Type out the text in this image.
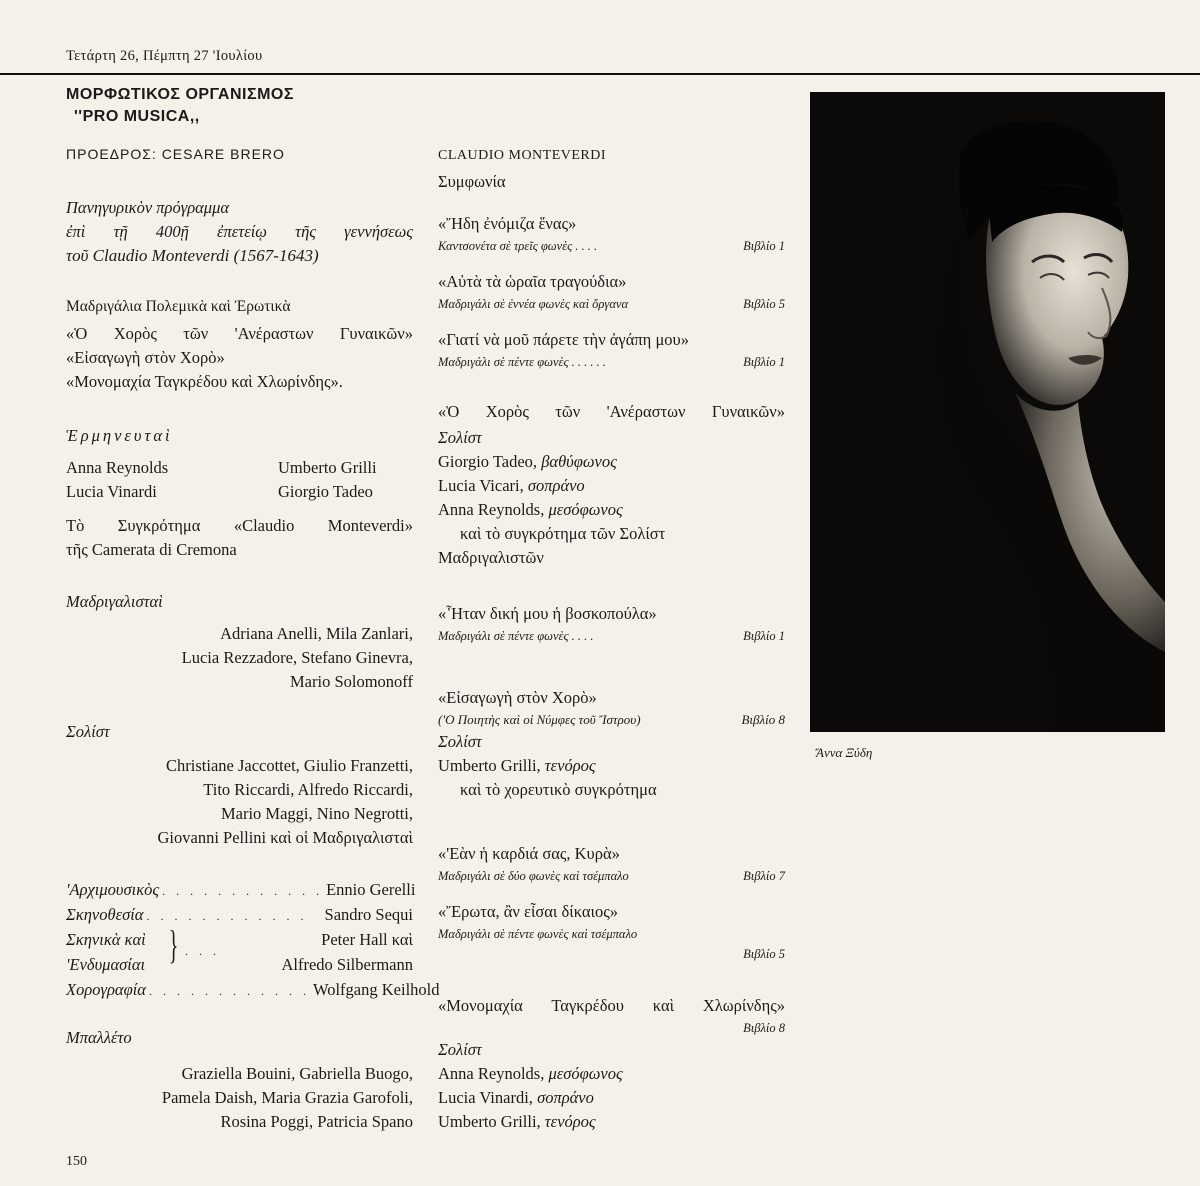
Τετάρτη 26, Πέμπτη 27 'Ιουλίου
ΜΟΡΦΩΤΙΚΟΣ ΟΡΓΑΝΙΣΜΟΣ
''PRO MUSICA,,
ΠΡΟΕΔΡΟΣ: CESARE BRERO
Πανηγυρικὸν πρόγραμμα
ἐπὶ τῇ 400ῇ ἐπετείῳ τῆς γεννήσεως
τοῦ Claudio Monteverdi (1567-1643)
Μαδριγάλια Πολεμικὰ καὶ Ἐρωτικὰ
«Ὁ Χορὸς τῶν 'Ανέραστων Γυναικῶν»
«Εἰσαγωγὴ στὸν Χορὸ»
«Μονομαχία Ταγκρέδου καὶ Χλωρίνδης».
Ἑρμηνευταὶ
Anna Reynolds	Umberto Grilli
Lucia Vinardi	Giorgio Tadeo
Τὸ Συγκρότημα «Claudio Monteverdi»
τῆς Camerata di Cremona
Μαδριγαλισταὶ
Adriana Anelli, Mila Zanlari,
Lucia Rezzadore, Stefano Ginevra,
Mario Solomonoff
Σολίστ
Christiane Jaccottet, Giulio Franzetti,
Tito Riccardi, Alfredo Riccardi,
Mario Maggi, Nino Negrotti,
Giovanni Pellini καὶ οἱ Μαδριγαλισταὶ
'Αρχιμουσικὸς . . . . . . . . . . . . Ennio Gerelli
Σκηνοθεσία . . . . . . . . . . . .	Sandro Sequi
Σκηνικὰ καὶ	Peter Hall καὶ
'Ενδυμασίαι	Alfredo Silbermann
Χορογραφία . . . . . . . . . . . . Wolfgang Keilhold
} . . .
Μπαλλέτο
Graziella Bouini, Gabriella Buogo,
Pamela Daish, Maria Grazia Garofoli,
Rosina Poggi, Patricia Spano
150
CLAUDIO MONTEVERDI
Συμφωνία
«Ἤδη ἐνόμιζα ἕνας»
Καντσονέτα σὲ τρεῖς φωνὲς . . . .	Βιβλίο 1
«Αὐτὰ τὰ ὡραῖα τραγούδια»
Μαδριγάλι σὲ ἐννέα φωνὲς καὶ ὄργανα	Βιβλίο 5
«Γιατί νὰ μοῦ πάρετε τὴν ἀγάπη μου»
Μαδριγάλι σὲ πέντε φωνὲς . . . . . .	Βιβλίο 1
«Ὁ Χορὸς τῶν 'Ανέραστων Γυναικῶν»
Σολίστ
Giorgio Tadeo, βαθύφωνος
Lucia Vicari, σοπράνο
Anna Reynolds, μεσόφωνος
καὶ τὸ συγκρότημα τῶν Σολίστ
Μαδριγαλιστῶν
«Ἦταν δική μου ἡ βοσκοπούλα»
Μαδριγάλι σὲ πέντε φωνὲς . . . .	Βιβλίο 1
«Εἰσαγωγὴ στὸν Χορὸ»
('Ο Ποιητὴς καὶ οἱ Νύμφες τοῦ Ἴστρου)	Βιβλίο 8
Σολίστ
Umberto Grilli, τενόρος
καὶ τὸ χορευτικὸ συγκρότημα
«'Εὰν ἡ καρδιά σας, Κυρὰ»
Μαδριγάλι σὲ δύο φωνὲς καὶ τσέμπαλο	Βιβλίο 7
«Ἔρωτα, ἂν εἶσαι δίκαιος»
Μαδριγάλι σὲ πέντε φωνὲς καὶ τσέμπαλο
Βιβλίο 5
«Μονομαχία Ταγκρέδου καὶ Χλωρίνδης»
Βιβλίο 8
Σολίστ
Anna Reynolds, μεσόφωνος
Lucia Vinardi, σοπράνο
Umberto Grilli, τενόρος
Ἄννα Ξύδη
